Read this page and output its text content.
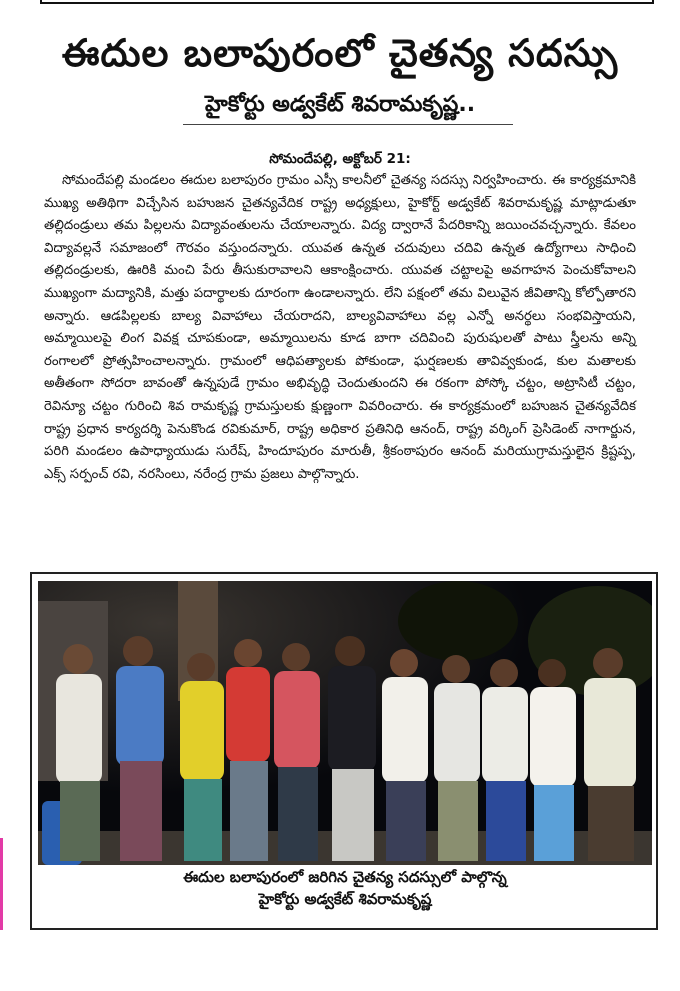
ఈదుల బలాపురంలో చైతన్య సదస్సు
హైకోర్టు అడ్వకేట్ శివరామకృష్ణ..
సోమందేపల్లి, అక్టోబర్ 21:

సోమందేపల్లి మండలం ఈదుల బలాపురం గ్రామం ఎస్సీ కాలనీలో చైతన్య సదస్సు నిర్వహించారు. ఈ కార్యక్రమానికి ముఖ్య అతిథిగా విచ్చేసిన బహుజన చైతన్యవేదిక రాష్ట్ర అధ్యక్షులు, హైకోర్ట్ అడ్వకేట్ శివరామకృష్ణ మాట్లాడుతూ తల్లిదండ్రులు తమ పిల్లలను విద్యావంతులను చేయాలన్నారు. విద్య ద్వారానే పేదరికాన్ని జయించవచ్చన్నారు. కేవలం విద్యావల్లనే సమాజంలో గౌరవం వస్తుందన్నారు. యువత ఉన్నత చదువులు చదివి ఉన్నత ఉద్యోగాలు సాధించి తల్లిదండ్రులకు, ఊరికి మంచి పేరు తీసుకురావాలని ఆకాంక్షించారు. యువత చట్టాలపై అవగాహన పెంచుకోవాలని ముఖ్యంగా మద్యానికి, మత్తు పదార్థాలకు దూరంగా ఉండాలన్నారు. లేని పక్షంలో తమ విలువైన జీవితాన్ని కోల్పోతారని అన్నారు. ఆడపిల్లలకు బాల్య వివాహాలు చేయరాదని, బాల్యవివాహాలు వల్ల ఎన్నో అనర్థలు సంభవిస్తాయని, అమ్మాయిలపై లింగ వివక్ష చూపకుండా, అమ్మాయిలను కూడ బాగా చదివించి పురుషులతో పాటు స్త్రీలను అన్ని రంగాలలో ప్రోత్సహించాలన్నారు. గ్రామంలో ఆధిపత్యాలకు పోకుండా, ఘర్షణలకు తావివ్వకుండ, కుల మతాలకు అతీతంగా సోదరా బావంతో ఉన్నపుడే గ్రామం అభివృద్ధి చెందుతుందని ఈ రకంగా పోస్కో చట్టం, అట్రాసిటీ చట్టం, రెవిన్యూ చట్టం గురించి శివ రామకృష్ణ గ్రామస్తులకు క్షుణ్ణంగా వివరించారు. ఈ కార్యక్రమంలో బహుజన చైతన్యవేదిక రాష్ట్ర ప్రధాన కార్యదర్శి పెనుకొండ రవికుమార్, రాష్ట్ర అధికార ప్రతినిధి ఆనంద్, రాష్ట్ర వర్కింగ్ ప్రెసిడెంట్ నాగార్జున, పరిగి మండలం ఉపాధ్యాయుడు సురేష్, హిందూపురం మారుతీ, శ్రీకంఠాపురం ఆనంద్ మరియుగ్రామస్తులైన క్రిష్టప్ప, ఎక్స్ సర్పంచ్ రవి, నరసింలు, నరేంద్ర గ్రామ ప్రజలు పాల్గొన్నారు.

ఈదుల బలాపురంలో జరిగిన చైతన్య సదస్సులో పాల్గొన్న
హైకోర్టు అడ్వకేట్ శివరామకృష్ణ
